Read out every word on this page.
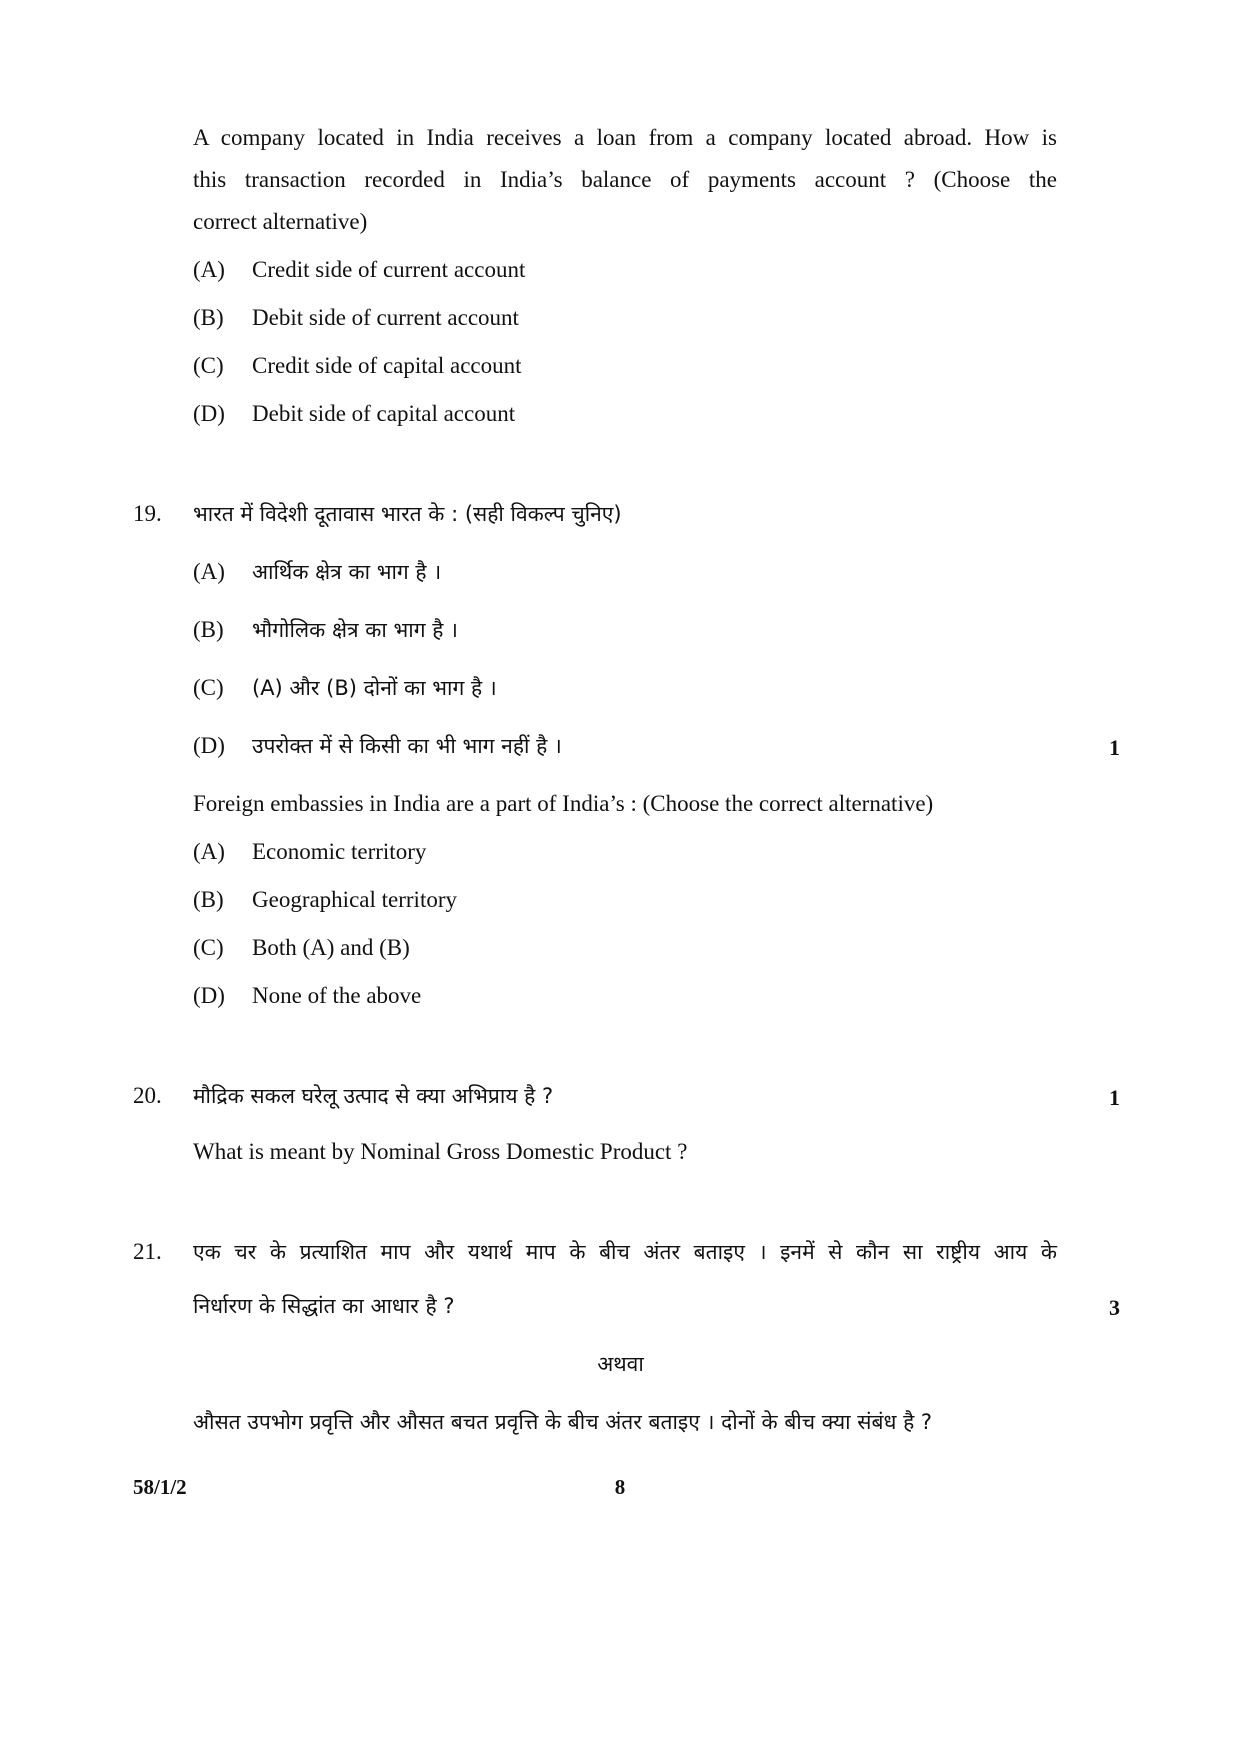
A company located in India receives a loan from a company located abroad. How is
this transaction recorded in India’s balance of payments account ? (Choose the
correct alternative)
(A) Credit side of current account
(B) Debit side of current account
(C) Credit side of capital account
(D) Debit side of capital account
19. भारत में विदेशी दूतावास भारत के : (सही विकल्प चुनिए)
(A) आर्थिक क्षेत्र का भाग है ।
(B) भौगोलिक क्षेत्र का भाग है ।
(C) (A) और (B) दोनों का भाग है ।
(D) उपरोक्त में से किसी का भी भाग नहीं है ।	1
Foreign embassies in India are a part of India’s : (Choose the correct alternative)
(A) Economic territory
(B) Geographical territory
(C) Both (A) and (B)
(D) None of the above
20. मौद्रिक सकल घरेलू उत्पाद से क्या अभिप्राय है ?	1
What is meant by Nominal Gross Domestic Product ?
21. एक चर के प्रत्याशित माप और यथार्थ माप के बीच अंतर बताइए । इनमें से कौन सा राष्ट्रीय आय के
निर्धारण के सिद्धांत का आधार है ?	3
अथवा
औसत उपभोग प्रवृत्ति और औसत बचत प्रवृत्ति के बीच अंतर बताइए । दोनों के बीच क्या संबंध है ?
58/1/2	8
